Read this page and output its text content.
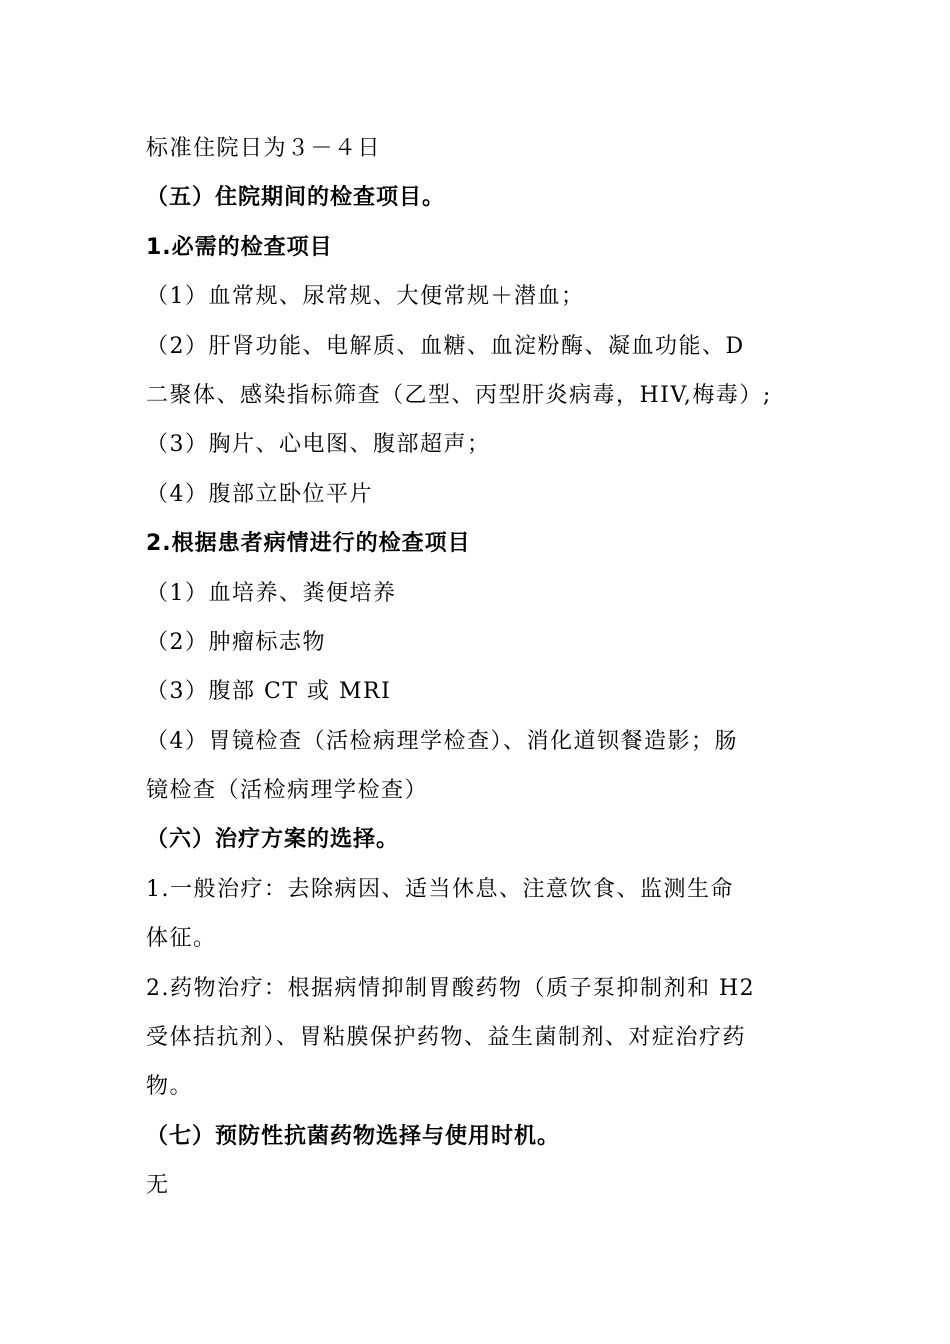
标准住院日为３－４日
（五）住院期间的检查项目。
1.必需的检查项目
（1）血常规、尿常规、大便常规＋潜血；
（2）肝肾功能、电解质、血糖、血淀粉酶、凝血功能、D
二聚体、感染指标筛查（乙型、丙型肝炎病毒，HIV,梅毒）;
（3）胸片、心电图、腹部超声；
（4）腹部立卧位平片
2.根据患者病情进行的检查项目
（1）血培养、粪便培养
（2）肿瘤标志物
（3）腹部 CT 或 MRI
（4）胃镜检查（活检病理学检查）、消化道钡餐造影；肠
镜检查（活检病理学检查）
（六）治疗方案的选择。
1.一般治疗：去除病因、适当休息、注意饮食、监测生命
体征。
2.药物治疗：根据病情抑制胃酸药物（质子泵抑制剂和 H2
受体拮抗剂）、胃粘膜保护药物、益生菌制剂、对症治疗药
物。
（七）预防性抗菌药物选择与使用时机。
无
